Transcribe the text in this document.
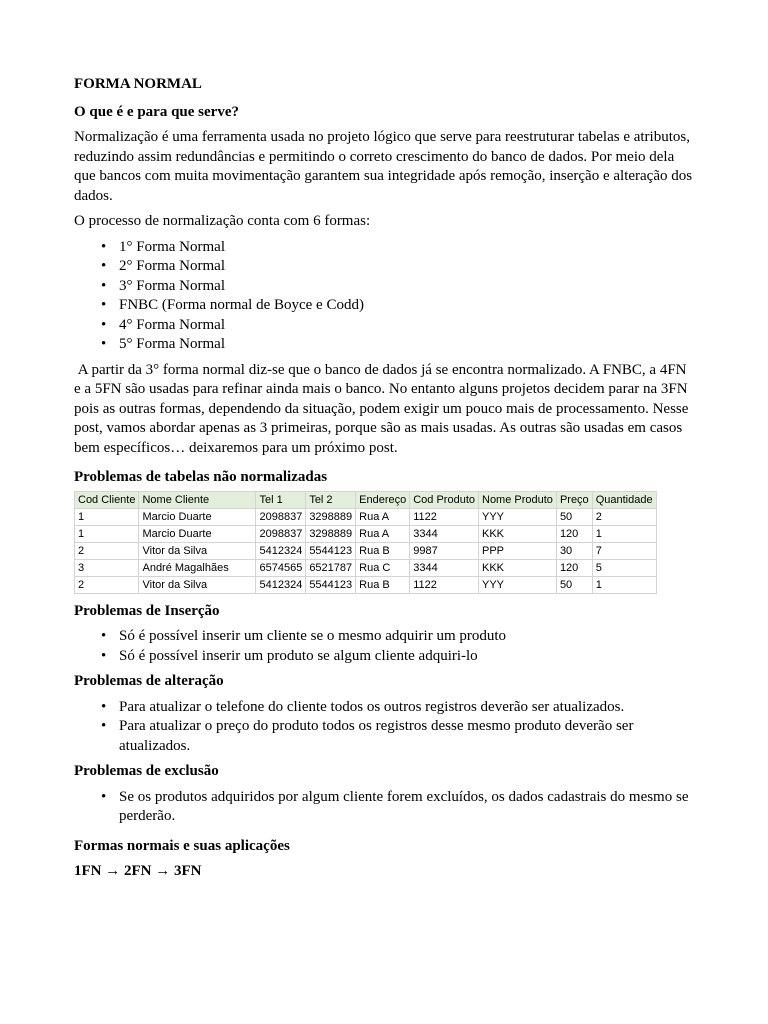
FORMA NORMAL
O que é e para que serve?

Normalização é uma ferramenta usada no projeto lógico que serve para reestruturar tabelas e atributos, reduzindo assim redundâncias e permitindo o correto crescimento do banco de dados. Por meio dela que bancos com muita movimentação garantem sua integridade após remoção, inserção e alteração dos dados.

O processo de normalização conta com 6 formas:

• 1° Forma Normal
• 2° Forma Normal
• 3° Forma Normal
• FNBC (Forma normal de Boyce e Codd)
• 4° Forma Normal
• 5° Forma Normal

A partir da 3° forma normal diz-se que o banco de dados já se encontra normalizado. A FNBC, a 4FN e a 5FN são usadas para refinar ainda mais o banco. No entanto alguns projetos decidem parar na 3FN pois as outras formas, dependendo da situação, podem exigir um pouco mais de processamento. Nesse post, vamos abordar apenas as 3 primeiras, porque são as mais usadas. As outras são usadas em casos bem específicos… deixaremos para um próximo post.

Problemas de tabelas não normalizadas
Cod Cliente	Nome Cliente	Tel 1	Tel 2	Endereço	Cod Produto	Nome Produto	Preço	Quantidade
1	Marcio Duarte	2098837	3298889	Rua A	1122	YYY	50	2
1	Marcio Duarte	2098837	3298889	Rua A	3344	KKK	120	1
2	Vitor da Silva	5412324	5544123	Rua B	9987	PPP	30	7
3	André Magalhães	6574565	6521787	Rua C	3344	KKK	120	5
2	Vitor da Silva	5412324	5544123	Rua B	1122	YYY	50	1
Problemas de Inserção
• Só é possível inserir um cliente se o mesmo adquirir um produto
• Só é possível inserir um produto se algum cliente adquiri-lo
Problemas de alteração
• Para atualizar o telefone do cliente todos os outros registros deverão ser atualizados.
• Para atualizar o preço do produto todos os registros desse mesmo produto deverão ser atualizados.
Problemas de exclusão
• Se os produtos adquiridos por algum cliente forem excluídos, os dados cadastrais do mesmo se perderão.
Formas normais e suas aplicações

1FN → 2FN → 3FN
